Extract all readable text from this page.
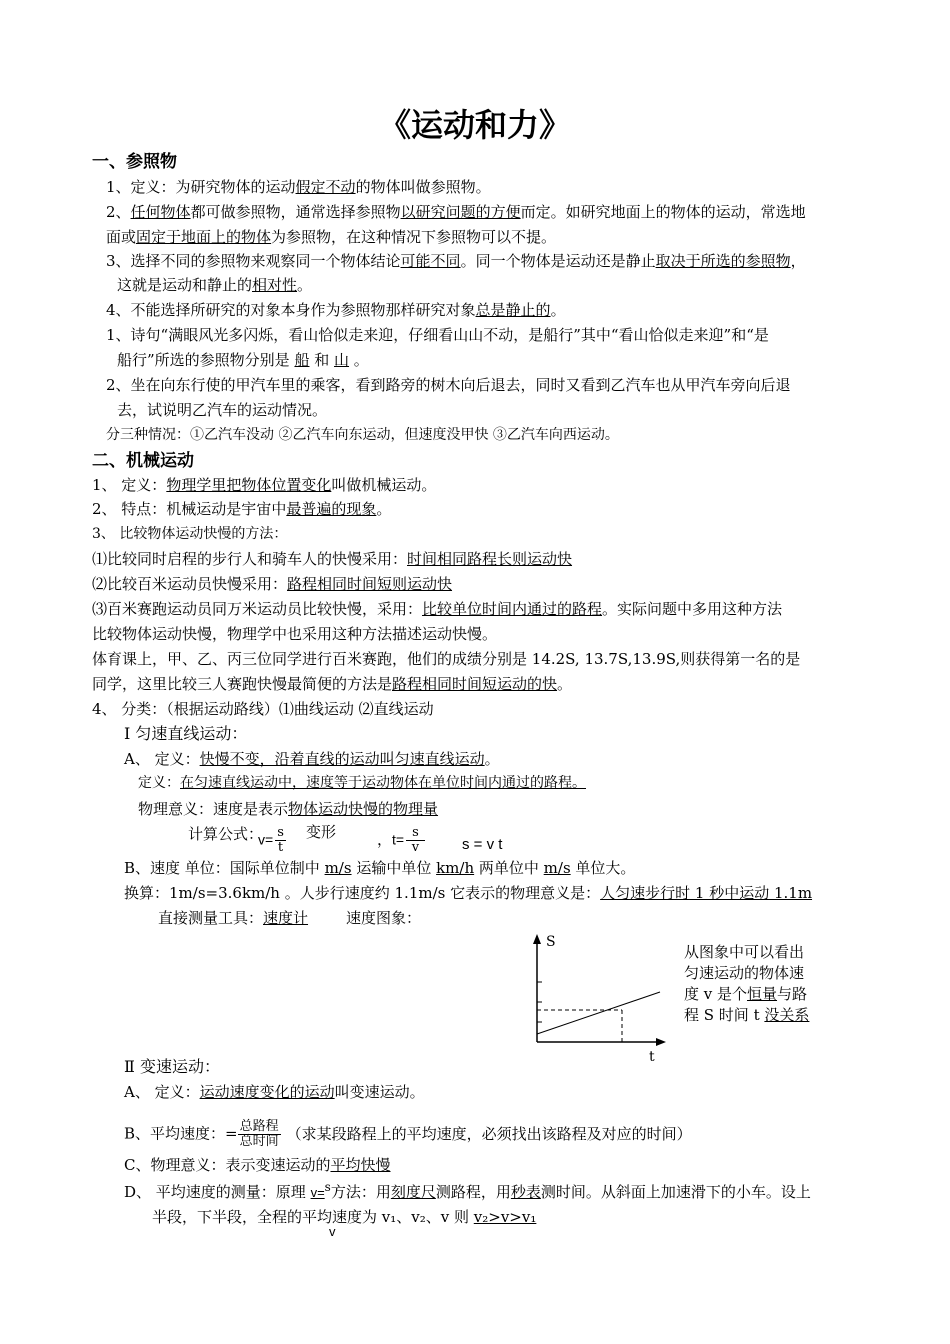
《运动和力》
一、参照物
1、定义：为研究物体的运动假定不动的物体叫做参照物。
2、任何物体都可做参照物，通常选择参照物以研究问题的方便而定。如研究地面上的物体的运动，常选地
面或固定于地面上的物体为参照物，在这种情况下参照物可以不提。
3、选择不同的参照物来观察同一个物体结论可能不同。同一个物体是运动还是静止取决于所选的参照物，
这就是运动和静止的相对性。
4、不能选择所研究的对象本身作为参照物那样研究对象总是静止的。
1、诗句“满眼风光多闪烁，看山恰似走来迎，仔细看山山不动，是船行”其中“看山恰似走来迎”和“是
船行”所选的参照物分别是 船 和 山 。
2、坐在向东行使的甲汽车里的乘客，看到路旁的树木向后退去，同时又看到乙汽车也从甲汽车旁向后退
去，试说明乙汽车的运动情况。
分三种情况：①乙汽车没动 ②乙汽车向东运动，但速度没甲快 ③乙汽车向西运动。
二、机械运动
1、 定义：物理学里把物体位置变化叫做机械运动。
2、 特点：机械运动是宇宙中最普遍的现象。
3、 比较物体运动快慢的方法：
⑴比较同时启程的步行人和骑车人的快慢采用：时间相同路程长则运动快
⑵比较百米运动员快慢采用：路程相同时间短则运动快
⑶百米赛跑运动员同万米运动员比较快慢，采用：比较单位时间内通过的路程。实际问题中多用这种方法
比较物体运动快慢，物理学中也采用这种方法描述运动快慢。
体育课上，甲、乙、丙三位同学进行百米赛跑，他们的成绩分别是 14.2S, 13.7S,13.9S,则获得第一名的是
同学，这里比较三人赛跑快慢最简便的方法是路程相同时间短运动的快。
4、 分类：（根据运动路线）⑴曲线运动 ⑵直线运动
Ⅰ 匀速直线运动：
A、 定义：快慢不变，沿着直线的运动叫匀速直线运动。
定义：在匀速直线运动中，速度等于运动物体在单位时间内通过的路程。
物理意义：速度是表示物体运动快慢的物理量
计算公式：
$v= \frac{s}{t}$ 变形	，$t= \frac{s}{v}$ s = v t
B、速度 单位：国际单位制中 m/s 运输中单位 km/h 两单位中 m/s 单位大。
换算：1m/s=3.6km/h 。人步行速度约 1.1m/s 它表示的物理意义是：人匀速步行时 1 秒中运动 1.1m
直接测量工具：速度计	速度图象：
S
t
从图象中可以看出
匀速运动的物体速
度 v 是个恒量与路
程 S 时间 t 没关系
Ⅱ 变速运动：
A、 定义：运动速度变化的运动叫变速运动。
B、平均速度：= $\frac{\text{总路程}}{\text{总时间}}$ （求某段路程上的平均速度，必须找出该路程及对应的时间）
C、物理意义：表示变速运动的平均快慢
D、 平均速度的测量：原理 v=s方法：用刻度尺测路程，用秒表测时间。从斜面上加速滑下的小车。设上
半段，下半段，全程的平均速度为 v₁、v₂、v 则 v₂>v>v₁
v
